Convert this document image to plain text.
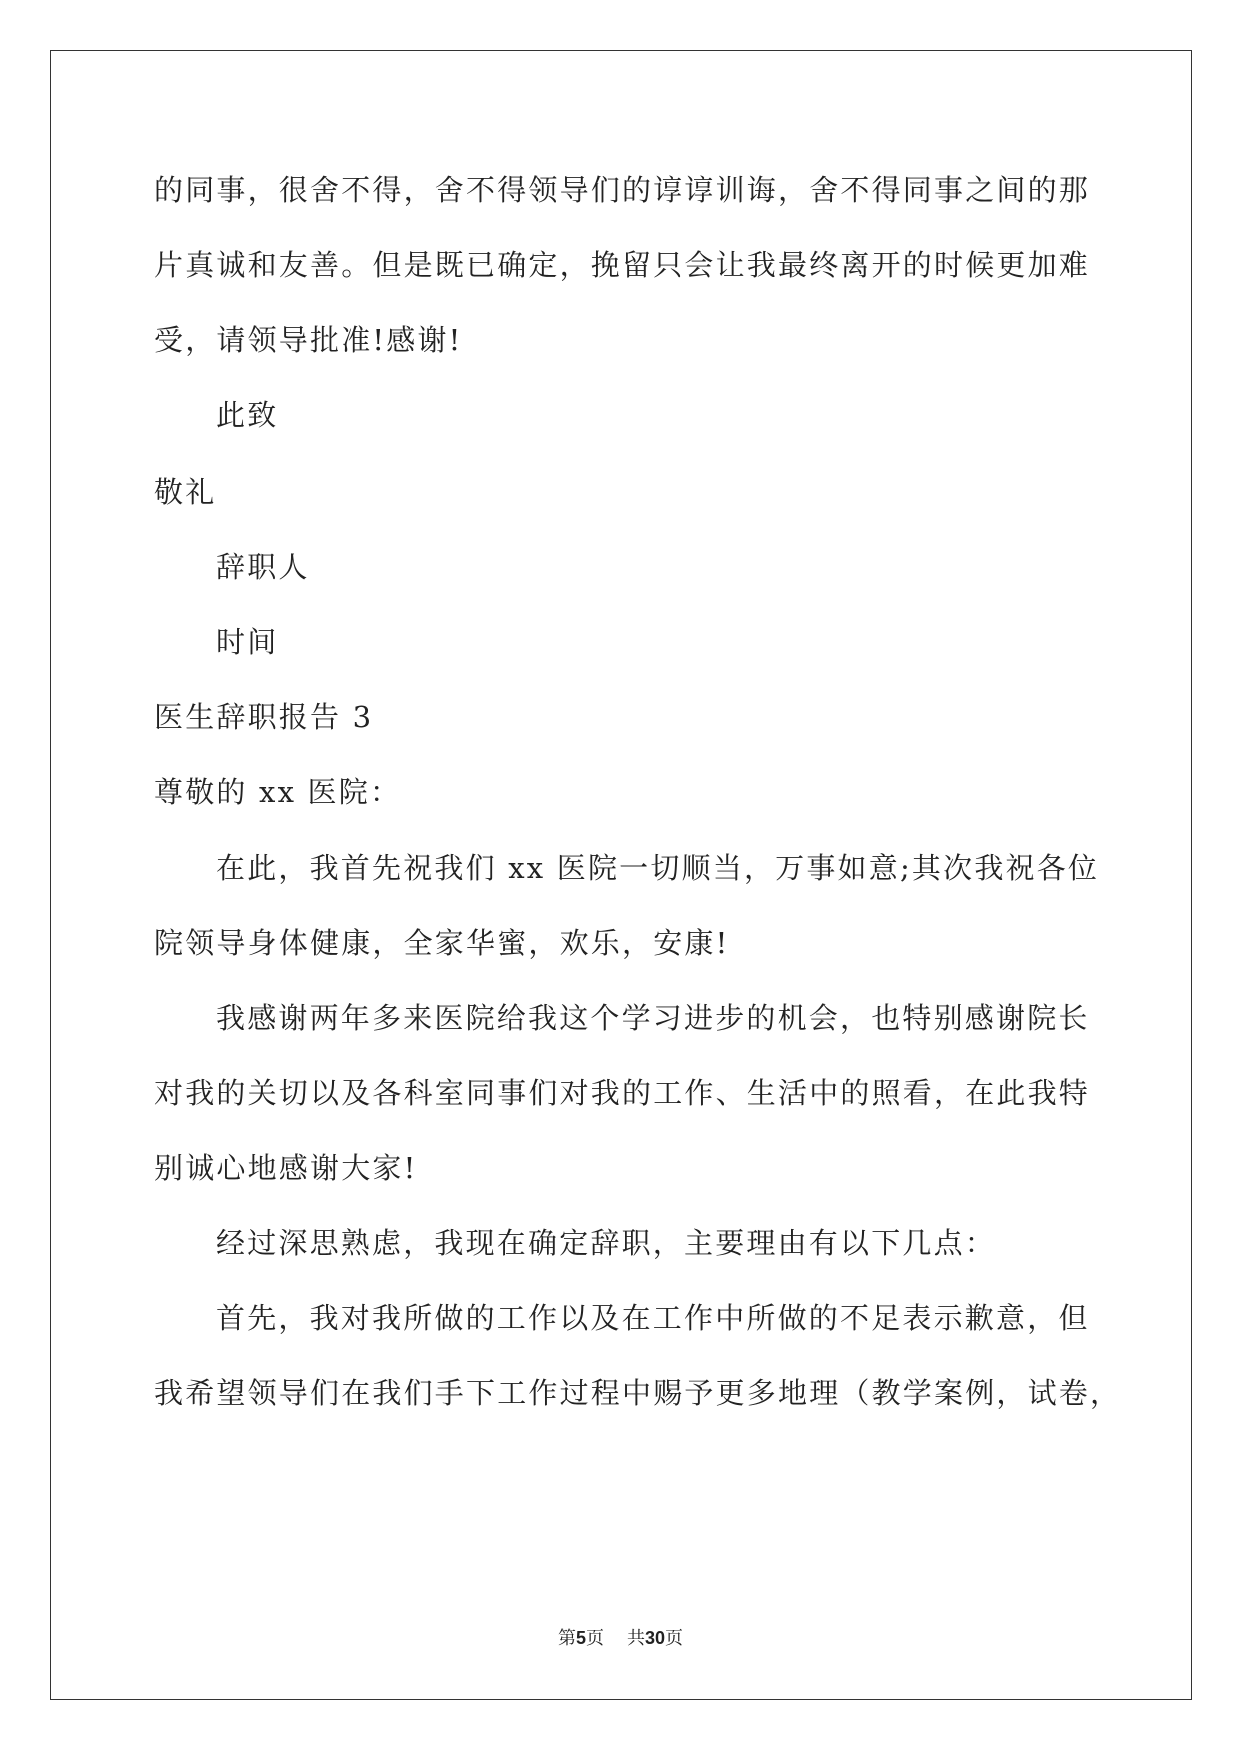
的同事，很舍不得，舍不得领导们的谆谆训诲，舍不得同事之间的那
片真诚和友善。但是既已确定，挽留只会让我最终离开的时候更加难
受，请领导批准!感谢!
此致
敬礼
辞职人
时间
医生辞职报告 3
尊敬的 xx 医院：
在此，我首先祝我们 xx 医院一切顺当，万事如意;其次我祝各位
院领导身体健康，全家华蜜，欢乐，安康!
我感谢两年多来医院给我这个学习进步的机会，也特别感谢院长
对我的关切以及各科室同事们对我的工作、生活中的照看，在此我特
别诚心地感谢大家!
经过深思熟虑，我现在确定辞职，主要理由有以下几点：
首先，我对我所做的工作以及在工作中所做的不足表示歉意，但
我希望领导们在我们手下工作过程中赐予更多地理（教学案例，试卷，
第5页 共30页
